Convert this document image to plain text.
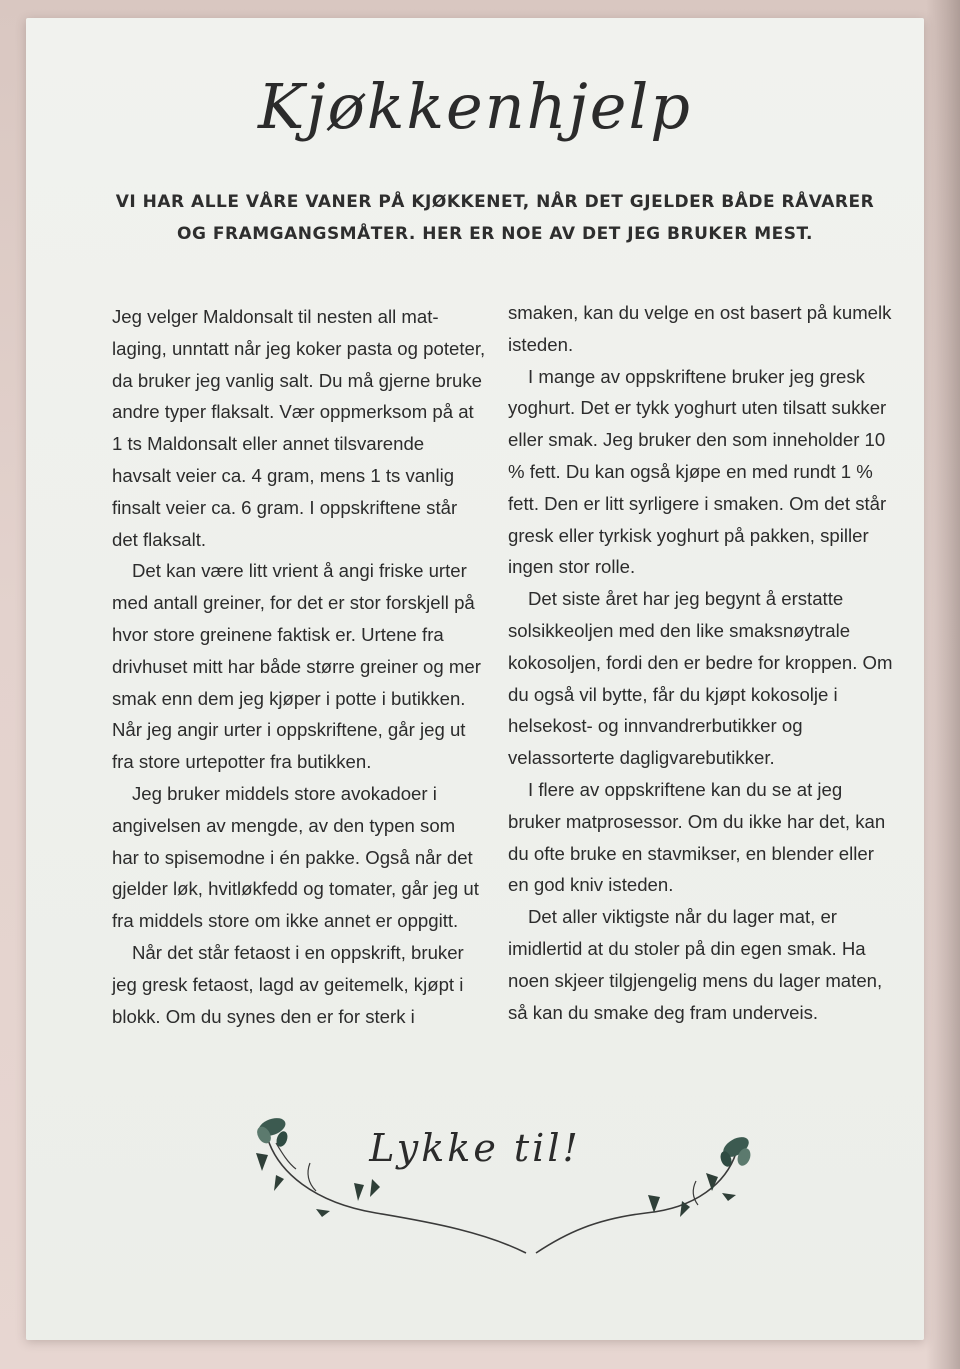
Kjøkkenhjelp

VI HAR ALLE VÅRE VANER PÅ KJØKKENET, NÅR DET GJELDER BÅDE RÅVARER OG FRAMGANGSMÅTER. HER ER NOE AV DET JEG BRUKER MEST.

Jeg velger Maldonsalt til nesten all matlaging, unntatt når jeg koker pasta og poteter, da bruker jeg vanlig salt. Du må gjerne bruke andre typer flaksalt. Vær oppmerksom på at 1 ts Maldonsalt eller annet tilsvarende havsalt veier ca. 4 gram, mens 1 ts vanlig finsalt veier ca. 6 gram. I oppskriftene står det flaksalt.

Det kan være litt vrient å angi friske urter med antall greiner, for det er stor forskjell på hvor store greinene faktisk er. Urtene fra drivhuset mitt har både større greiner og mer smak enn dem jeg kjøper i potte i butikken. Når jeg angir urter i oppskriftene, går jeg ut fra store urtepotter fra butikken.

Jeg bruker middels store avokadoer i angivelsen av mengde, av den typen som har to spisemodne i én pakke. Også når det gjelder løk, hvitløkfedd og tomater, går jeg ut fra middels store om ikke annet er oppgitt.

Når det står fetaost i en oppskrift, bruker jeg gresk fetaost, lagd av geitemelk, kjøpt i blokk. Om du synes den er for sterk i

smaken, kan du velge en ost basert på kumelk isteden.

I mange av oppskriftene bruker jeg gresk yoghurt. Det er tykk yoghurt uten tilsatt sukker eller smak. Jeg bruker den som inneholder 10 % fett. Du kan også kjøpe en med rundt 1 % fett. Den er litt syrligere i smaken. Om det står gresk eller tyrkisk yoghurt på pakken, spiller ingen stor rolle.

Det siste året har jeg begynt å erstatte solsikkeoljen med den like smaksnøytrale kokosoljen, fordi den er bedre for kroppen. Om du også vil bytte, får du kjøpt kokosolje i helsekost- og innvandrerbutikker og velassorterte dagligvarebutikker.

I flere av oppskriftene kan du se at jeg bruker matprosessor. Om du ikke har det, kan du ofte bruke en stavmikser, en blender eller en god kniv isteden.

Det aller viktigste når du lager mat, er imidlertid at du stoler på din egen smak. Ha noen skjeer tilgjengelig mens du lager maten, så kan du smake deg fram underveis.

Lykke til!
